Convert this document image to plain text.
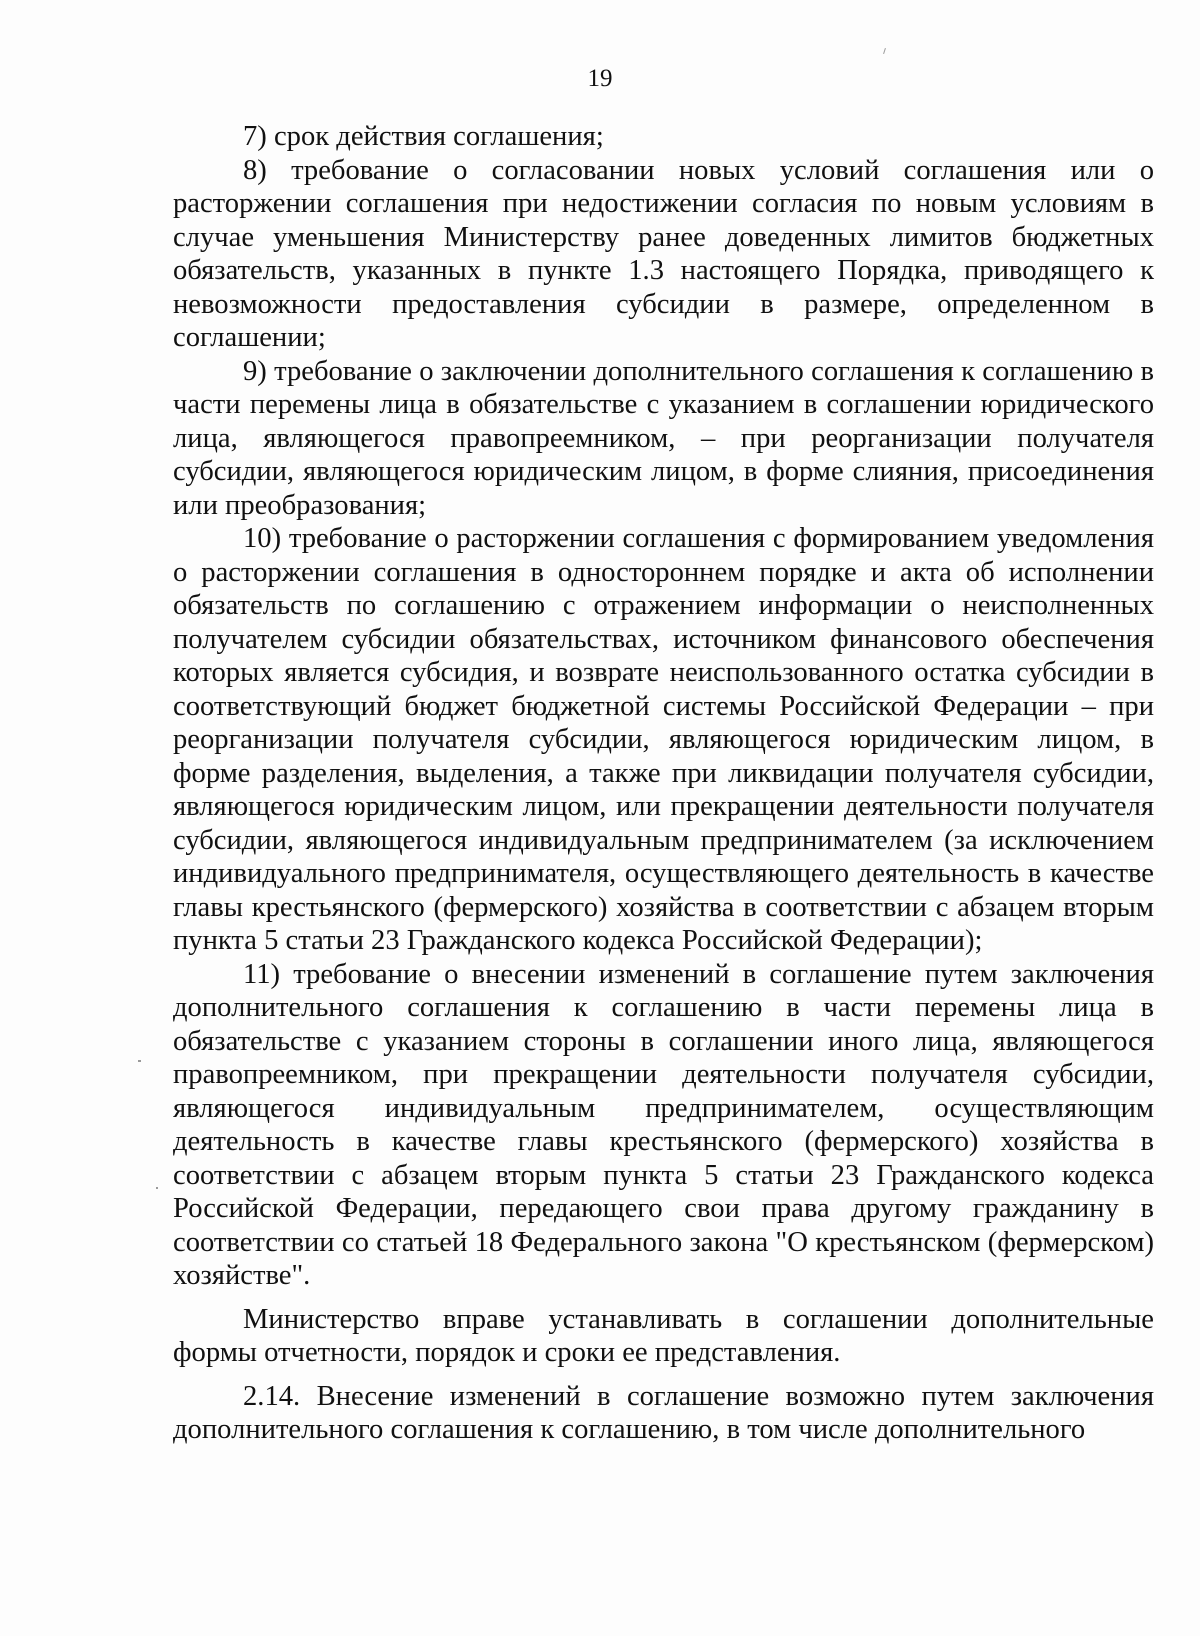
19

7) срок действия соглашения;

8) требование о согласовании новых условий соглашения или о расторжении соглашения при недостижении согласия по новым условиям в случае уменьшения Министерству ранее доведенных лимитов бюджетных обязательств, указанных в пункте 1.3 настоящего Порядка, приводящего к невозможности предоставления субсидии в размере, определенном в соглашении;

9) требование о заключении дополнительного соглашения к соглашению в части перемены лица в обязательстве с указанием в соглашении юридического лица, являющегося правопреемником, – при реорганизации получателя субсидии, являющегося юридическим лицом, в форме слияния, присоединения или преобразования;

10) требование о расторжении соглашения с формированием уведомления о расторжении соглашения в одностороннем порядке и акта об исполнении обязательств по соглашению с отражением информации о неисполненных получателем субсидии обязательствах, источником финансового обеспечения которых является субсидия, и возврате неиспользованного остатка субсидии в соответствующий бюджет бюджетной системы Российской Федерации – при реорганизации получателя субсидии, являющегося юридическим лицом, в форме разделения, выделения, а также при ликвидации получателя субсидии, являющегося юридическим лицом, или прекращении деятельности получателя субсидии, являющегося индивидуальным предпринимателем (за исключением индивидуального предпринимателя, осуществляющего деятельность в качестве главы крестьянского (фермерского) хозяйства в соответствии с абзацем вторым пункта 5 статьи 23 Гражданского кодекса Российской Федерации);

11) требование о внесении изменений в соглашение путем заключения дополнительного соглашения к соглашению в части перемены лица в обязательстве с указанием стороны в соглашении иного лица, являющегося правопреемником, при прекращении деятельности получателя субсидии, являющегося индивидуальным предпринимателем, осуществляющим деятельность в качестве главы крестьянского (фермерского) хозяйства в соответствии с абзацем вторым пункта 5 статьи 23 Гражданского кодекса Российской Федерации, передающего свои права другому гражданину в соответствии со статьей 18 Федерального закона "О крестьянском (фермерском) хозяйстве".

Министерство вправе устанавливать в соглашении дополнительные формы отчетности, порядок и сроки ее представления.

2.14. Внесение изменений в соглашение возможно путем заключения дополнительного соглашения к соглашению, в том числе дополнительного
